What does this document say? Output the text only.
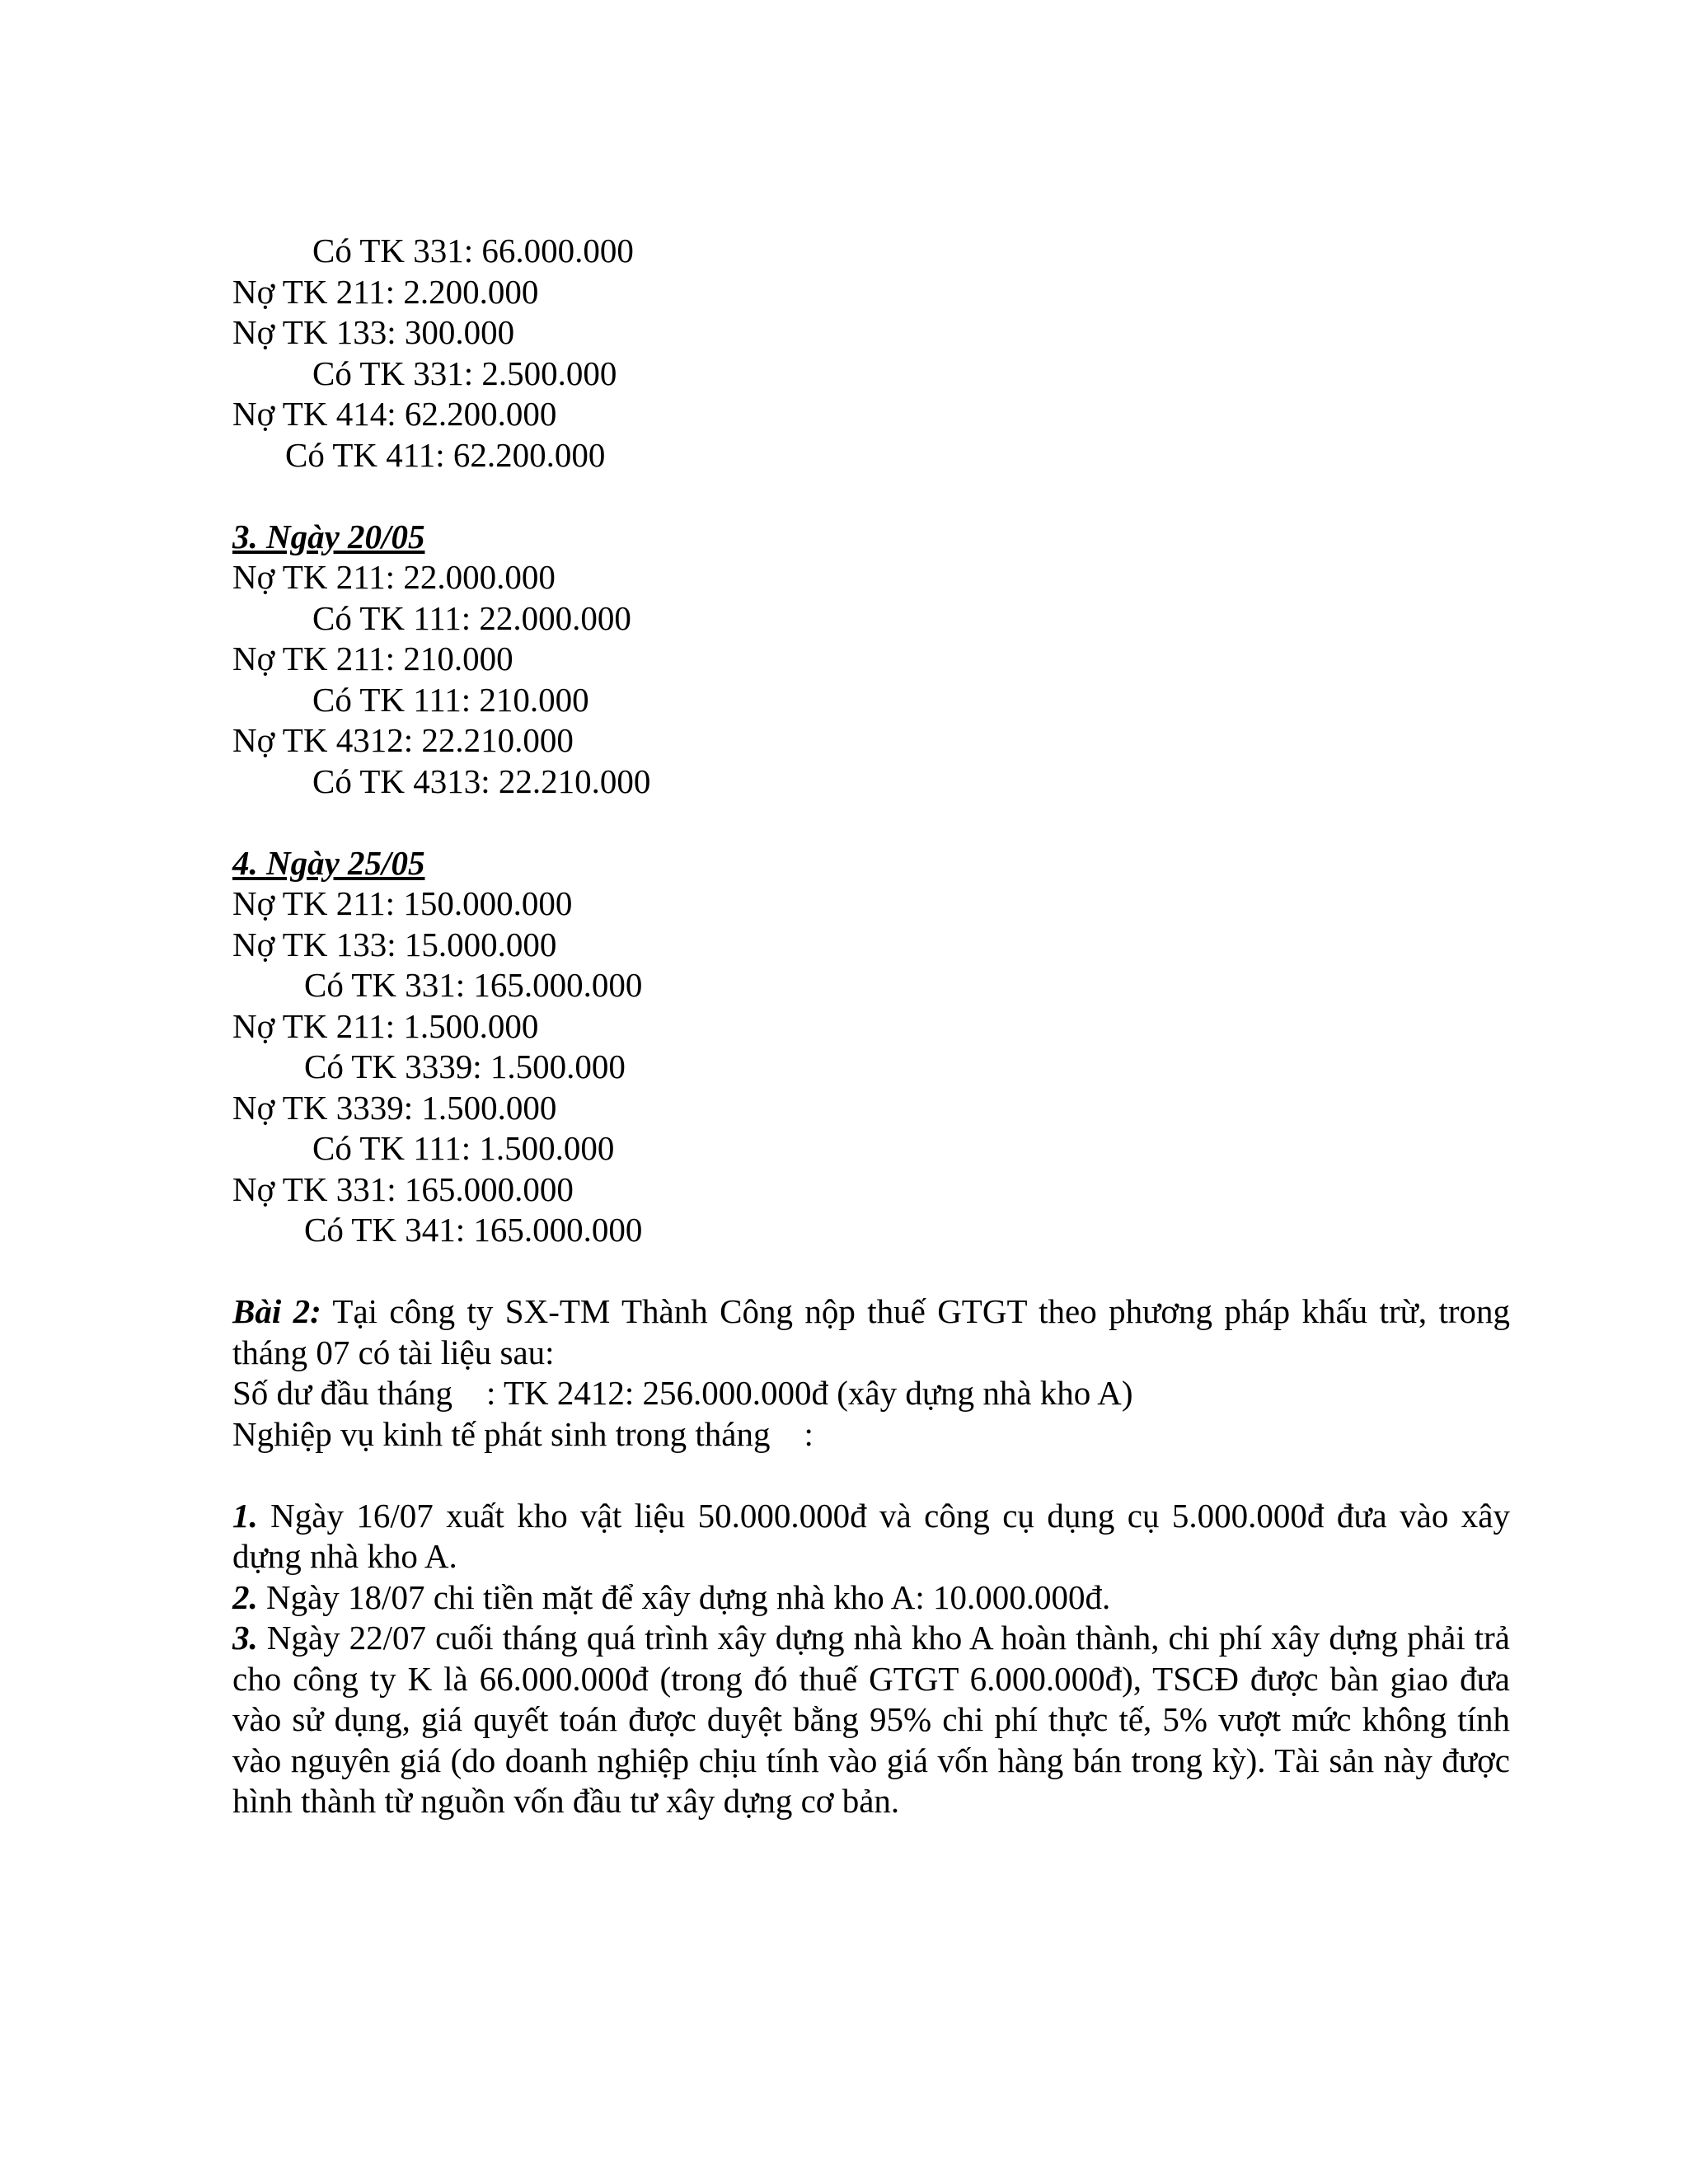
Có TK 331: 66.000.000
Nợ TK 211: 2.200.000
Nợ TK 133: 300.000
Có TK 331: 2.500.000
Nợ TK 414: 62.200.000
Có TK 411: 62.200.000
3. Ngày 20/05
Nợ TK 211: 22.000.000
Có TK 111: 22.000.000
Nợ TK 211: 210.000
Có TK 111: 210.000
Nợ TK 4312: 22.210.000
Có TK 4313: 22.210.000
4. Ngày 25/05
Nợ TK 211: 150.000.000
Nợ TK 133: 15.000.000
Có TK 331: 165.000.000
Nợ TK 211: 1.500.000
Có TK 3339: 1.500.000
Nợ TK 3339: 1.500.000
Có TK 111: 1.500.000
Nợ TK 331: 165.000.000
Có TK 341: 165.000.000
Bài 2: Tại công ty SX-TM Thành Công nộp thuế GTGT theo phương pháp khấu trừ, trong tháng 07 có tài liệu sau:
Số dư đầu tháng    : TK 2412: 256.000.000đ (xây dựng nhà kho A)
Nghiệp vụ kinh tế phát sinh trong tháng    :
1. Ngày 16/07 xuất kho vật liệu 50.000.000đ và công cụ dụng cụ 5.000.000đ đưa vào xây dựng nhà kho A.
2. Ngày 18/07 chi tiền mặt để xây dựng nhà kho A: 10.000.000đ.
3. Ngày 22/07 cuối tháng quá trình xây dựng nhà kho A hoàn thành, chi phí xây dựng phải trả cho công ty K là 66.000.000đ (trong đó thuế GTGT 6.000.000đ), TSCĐ được bàn giao đưa vào sử dụng, giá quyết toán được duyệt bằng 95% chi phí thực tế, 5% vượt mức không tính vào nguyên giá (do doanh nghiệp chịu tính vào giá vốn hàng bán trong kỳ). Tài sản này được hình thành từ nguồn vốn đầu tư xây dựng cơ bản.
